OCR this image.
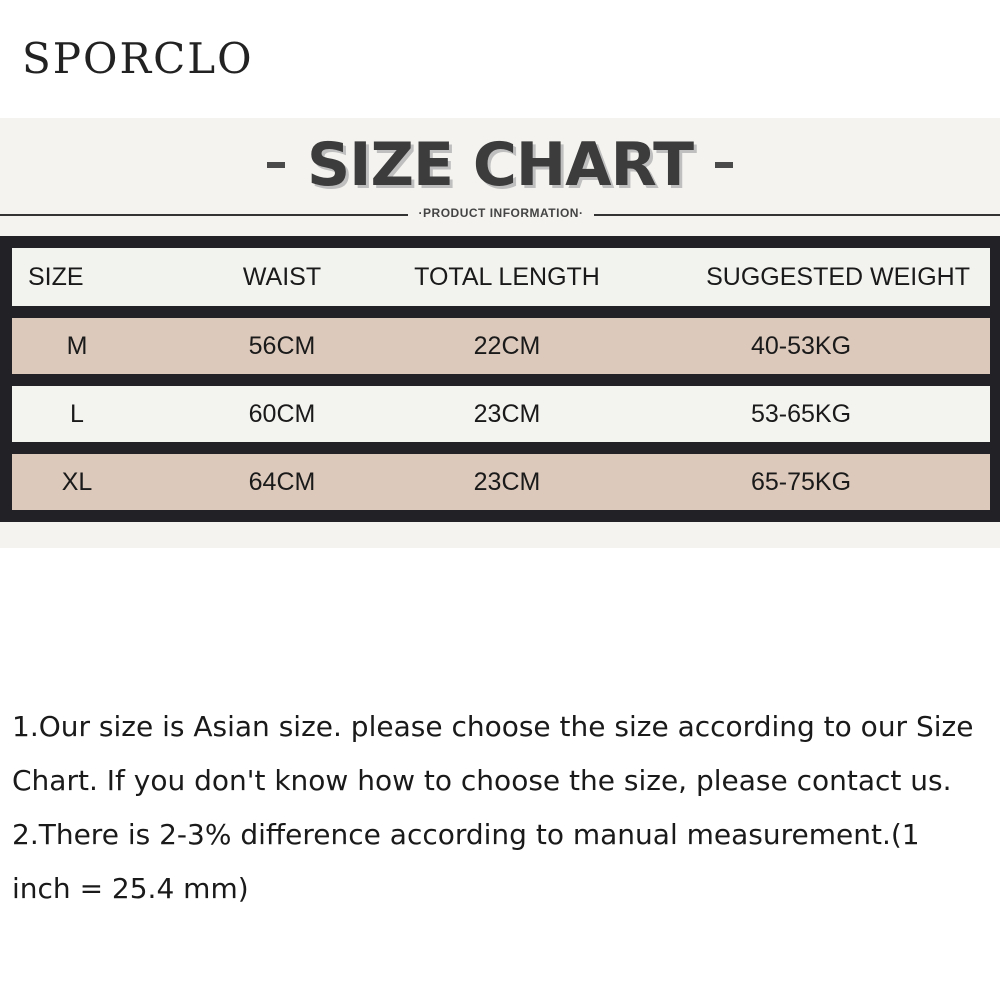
SPORCLO
SIZE CHART
·PRODUCT INFORMATION·
SIZE	WAIST	TOTAL LENGTH	SUGGESTED WEIGHT
M	56CM	22CM	40-53KG
L	60CM	23CM	53-65KG
XL	64CM	23CM	65-75KG

1.Our size is Asian size. please choose the size according to our Size Chart. If you don't know how to choose the size, please contact us.

2.There is 2-3% difference according to manual measurement.(1 inch = 25.4 mm)
